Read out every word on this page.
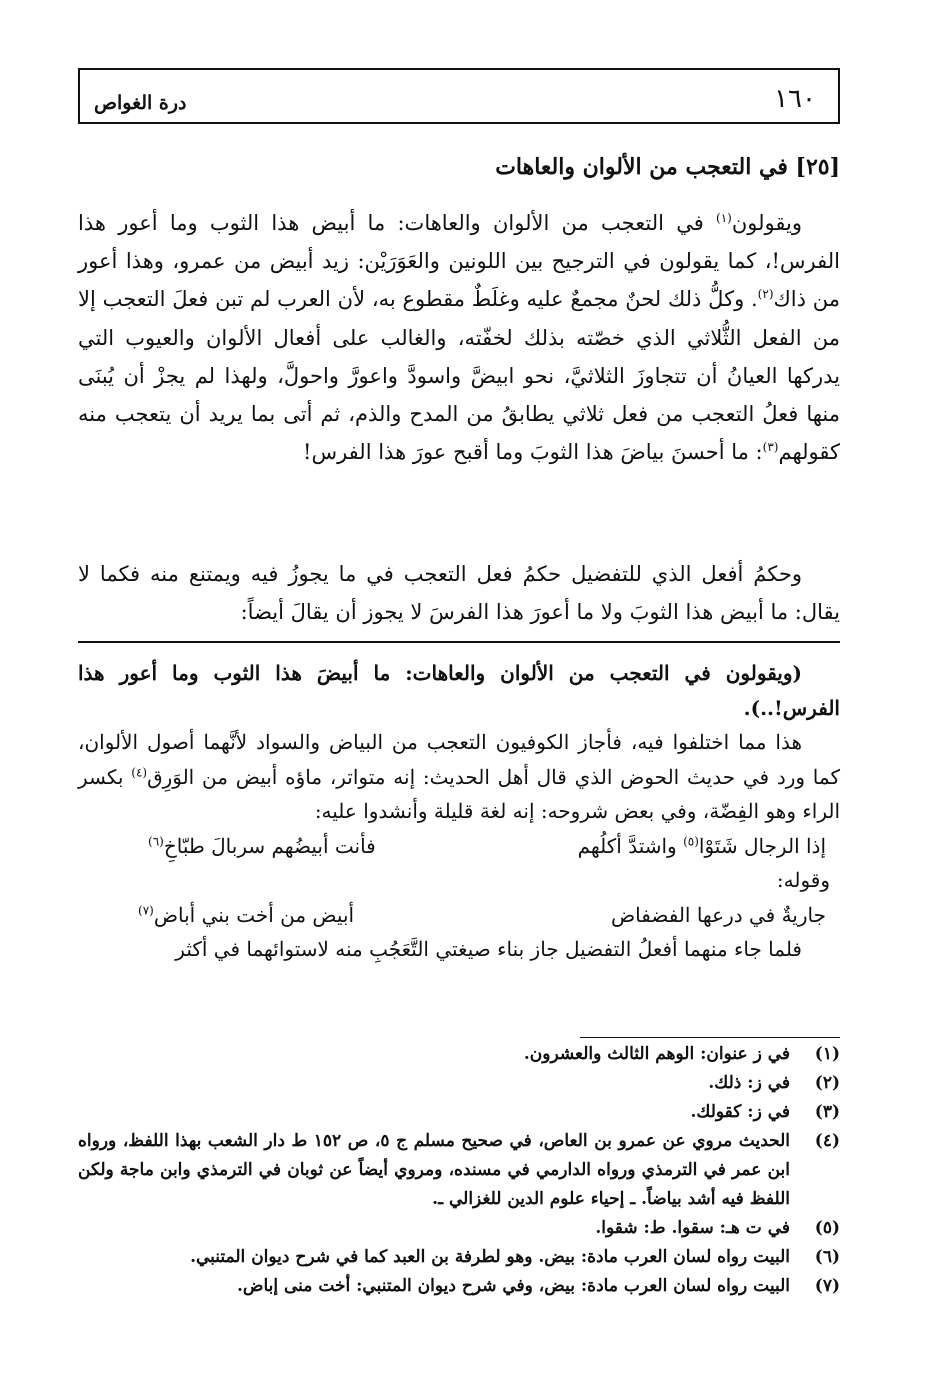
درة الغواص	١٦٠
[٢٥] في التعجب من الألوان والعاهات
ويقولون$^{(١)}$ في التعجب من الألوان والعاهات: ما أبيض هذا الثوب وما أعور هذا الفرس!، كما يقولون في الترجيح بين اللونين والعَوَرَيْن: زيد أبيض من عمرو، وهذا أعور من ذاك$^{(٢)}$. وكلُّ ذلك لحنٌ مجمعٌ عليه وغلَطٌ مقطوع به، لأن العرب لم تبن فعلَ التعجب إلا من الفعل الثُّلاثي الذي خصّته بذلك لخفّته، والغالب على أفعال الألوان والعيوب التي يدركها العيانُ أن تتجاوزَ الثلاثيَّ، نحو ابيضَّ واسودَّ واعورَّ واحولَّ، ولهذا لم يجزْ أن يُبنَى منها فعلُ التعجب من فعل ثلاثي يطابقُ من المدح والذم، ثم أتى بما يريد أن يتعجب منه كقولهم$^{(٣)}$: ما أحسنَ بياضَ هذا الثوبَ وما أقبح عورَ هذا الفرس!
وحكمُ أفعل الذي للتفضيل حكمُ فعل التعجب في ما يجوزُ فيه ويمتنع منه فكما لا يقال: ما أبيض هذا الثوبَ ولا ما أعورَ هذا الفرسَ لا يجوز أن يقالَ أيضاً:
(ويقولون في التعجب من الألوان والعاهات: ما أبيضَ هذا الثوب وما أعور هذا الفرس!..).
هذا مما اختلفوا فيه، فأجاز الكوفيون التعجب من البياض والسواد لأنَّهما أصول الألوان، كما ورد في حديث الحوض الذي قال أهل الحديث: إنه متواتر، ماؤه أبيض من الوَرِق$^{(٤)}$ بكسر الراء وهو الفِضّة، وفي بعض شروحه: إنه لغة قليلة وأنشدوا عليه:
إذا الرجال شَتَوْا$^{(٥)}$ واشتدَّ أكلُهم
فأنت أبيضُهم سربالَ طبّاخِ$^{(٦)}$
وقوله:
جاريةٌ في درعها الفضفاض
أبيض من أخت بني أباض$^{(٧)}$
فلما جاء منهما أفعلُ التفضيل جاز بناء صيغتي التَّعَجُبِ منه لاستوائهما في أكثر
(١)
في ز عنوان: الوهم الثالث والعشرون.
(٢)
في ز: ذلك.
(٣)
في ز: كقولك.
(٤)
الحديث مروي عن عمرو بن العاص، في صحيح مسلم ج ٥، ص ١٥٢ ط دار الشعب بهذا اللفظ، ورواه ابن عمر في الترمذي ورواه الدارمي في مسنده، ومروي أيضاً عن ثوبان في الترمذي وابن ماجة ولكن اللفظ فيه أشد بياضاً. ـ إحياء علوم الدين للغزالي ـ.
(٥)
في ت هـ: سقوا. ط: شقوا.
(٦)
البيت رواه لسان العرب مادة: بيض. وهو لطرفة بن العبد كما في شرح ديوان المتنبي.
(٧)
البيت رواه لسان العرب مادة: بيض، وفي شرح ديوان المتنبي: أخت منى إباض.
